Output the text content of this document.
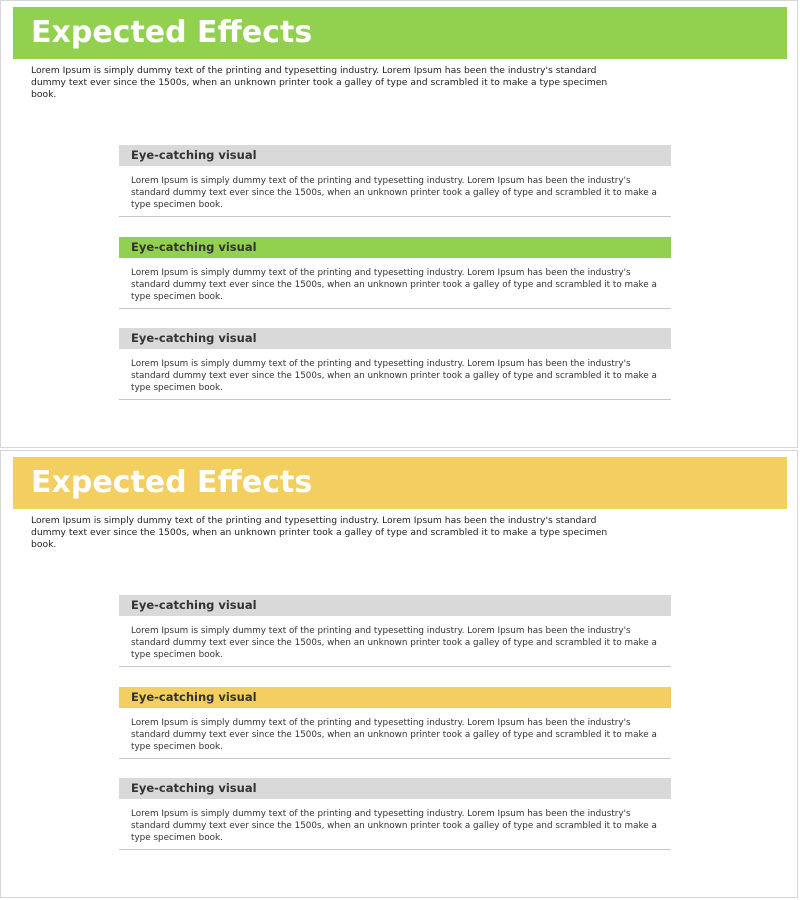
Expected Effects

Lorem Ipsum is simply dummy text of the printing and typesetting industry. Lorem Ipsum has been the industry's standard dummy text ever since the 1500s, when an unknown printer took a galley of type and scrambled it to make a type specimen book.

Eye-catching visual

Lorem Ipsum is simply dummy text of the printing and typesetting industry. Lorem Ipsum has been the industry's standard dummy text ever since the 1500s, when an unknown printer took a galley of type and scrambled it to make a type specimen book.

Eye-catching visual

Lorem Ipsum is simply dummy text of the printing and typesetting industry. Lorem Ipsum has been the industry's standard dummy text ever since the 1500s, when an unknown printer took a galley of type and scrambled it to make a type specimen book.

Eye-catching visual

Lorem Ipsum is simply dummy text of the printing and typesetting industry. Lorem Ipsum has been the industry's standard dummy text ever since the 1500s, when an unknown printer took a galley of type and scrambled it to make a type specimen book.

Expected Effects

Lorem Ipsum is simply dummy text of the printing and typesetting industry. Lorem Ipsum has been the industry's standard dummy text ever since the 1500s, when an unknown printer took a galley of type and scrambled it to make a type specimen book.

Eye-catching visual

Lorem Ipsum is simply dummy text of the printing and typesetting industry. Lorem Ipsum has been the industry's standard dummy text ever since the 1500s, when an unknown printer took a galley of type and scrambled it to make a type specimen book.

Eye-catching visual

Lorem Ipsum is simply dummy text of the printing and typesetting industry. Lorem Ipsum has been the industry's standard dummy text ever since the 1500s, when an unknown printer took a galley of type and scrambled it to make a type specimen book.

Eye-catching visual

Lorem Ipsum is simply dummy text of the printing and typesetting industry. Lorem Ipsum has been the industry's standard dummy text ever since the 1500s, when an unknown printer took a galley of type and scrambled it to make a type specimen book.
